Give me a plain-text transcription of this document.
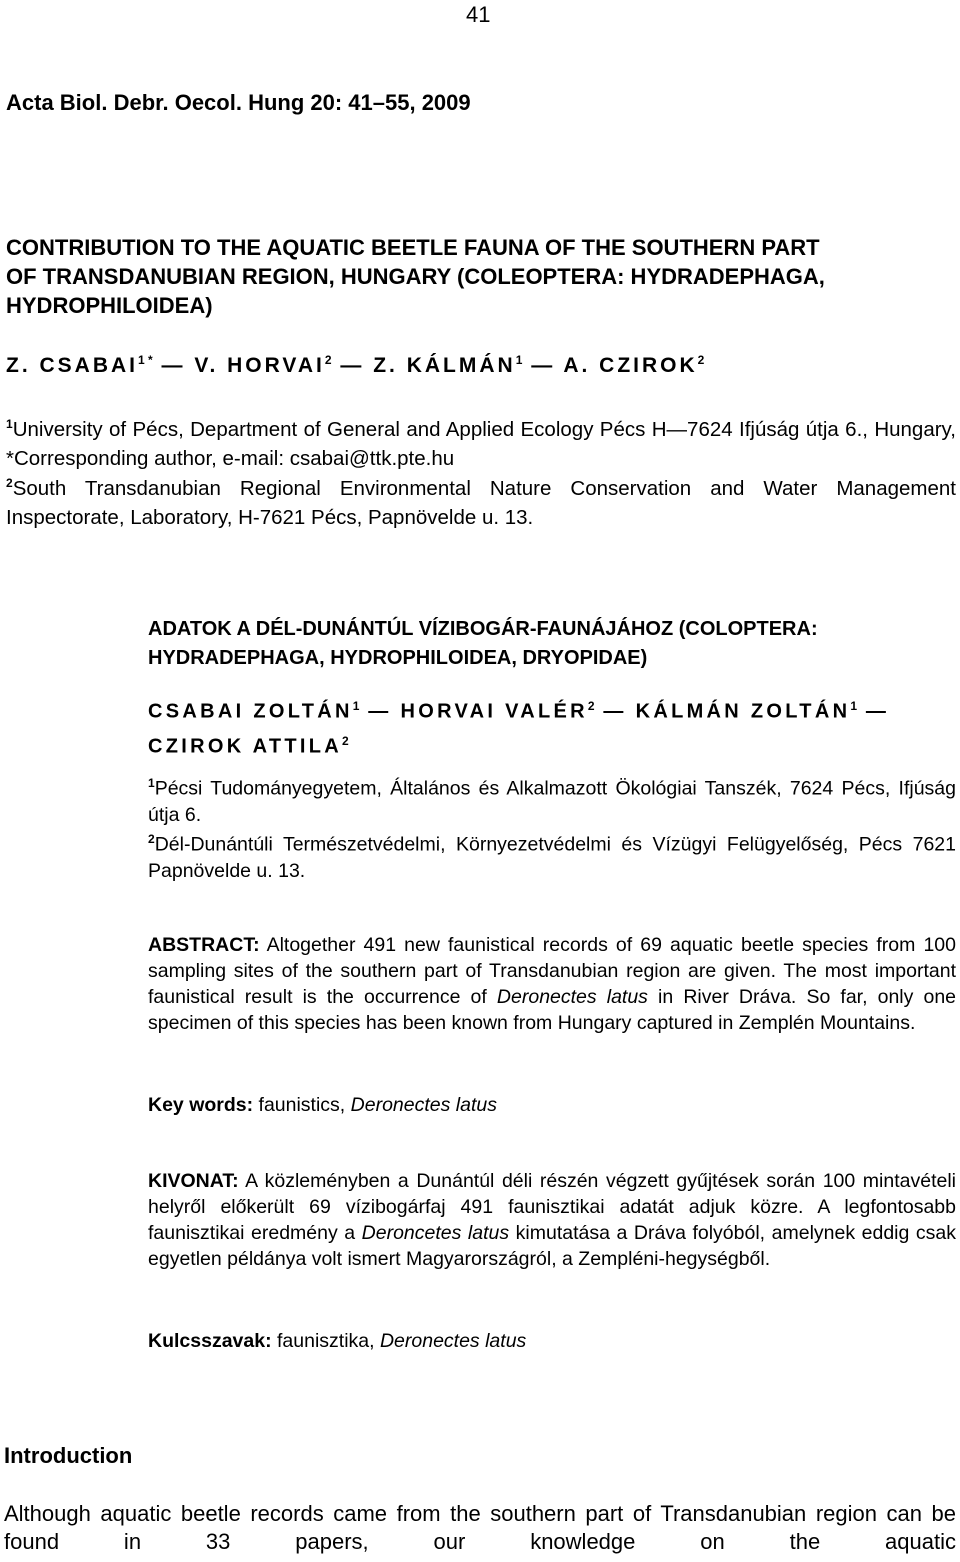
41
Acta Biol. Debr. Oecol. Hung 20: 41–55, 2009
CONTRIBUTION TO THE AQUATIC BEETLE FAUNA OF THE SOUTHERN PART
OF TRANSDANUBIAN REGION, HUNGARY (COLEOPTERA: HYDRADEPHAGA,
HYDROPHILOIDEA)
Z. $CSABAI^{1 *}$ — V. HORVAI$^2$ — Z. KÁLMÁN$^1$ — A. CZIROK$^2$
$^1$University of Pécs, Department of General and Applied Ecology Pécs H—7624 Ifjúság útja 6., Hungary, *Corresponding author, e-mail: csabai@ttk.pte.hu
$^2$South Transdanubian Regional Environmental Nature Conservation and Water Management Inspectorate, Laboratory, H-7621 Pécs, Papnövelde u. 13.
ADATOK A DÉL-DUNÁNTÚL VÍZIBOGÁR-FAUNÁJÁHOZ (COLOPTERA: HYDRADEPHAGA, HYDROPHILOIDEA, DRYOPIDAE)
CSABAI ZOLTÁN$^1$ — HORVAI VALÉR$^2$ — KÁLMÁN ZOLTÁN$^1$ — CZIROK ATTILA$^2$
$^1$Pécsi Tudományegyetem, Általános és Alkalmazott Ökológiai Tanszék, 7624 Pécs, Ifjúság útja 6.
$^2$Dél-Dunántúli Természetvédelmi, Környezetvédelmi és Vízügyi Felügyelőség, Pécs 7621 Papnövelde u. 13.
ABSTRACT: Altogether 491 new faunistical records of 69 aquatic beetle species from 100 sampling sites of the southern part of Transdanubian region are given. The most important faunistical result is the occurrence of Deronectes latus in River Dráva. So far, only one specimen of this species has been known from Hungary captured in Zemplén Mountains.
Key words: faunistics, Deronectes latus
KIVONAT: A közleményben a Dunántúl déli részén végzett gyűjtések során 100 mintavételi helyről előkerült 69 vízibogárfaj 491 faunisztikai adatát adjuk közre. A legfontosabb faunisztikai eredmény a Deroncetes latus kimutatása a Dráva folyóból, amelynek eddig csak egyetlen példánya volt ismert Magyarországról, a Zempléni-hegységből.
Kulcsszavak: faunisztika, Deronectes latus
Introduction
Although aquatic beetle records came from the southern part of Transdanubian region can be found in 33 papers, our knowledge on the aquatic
